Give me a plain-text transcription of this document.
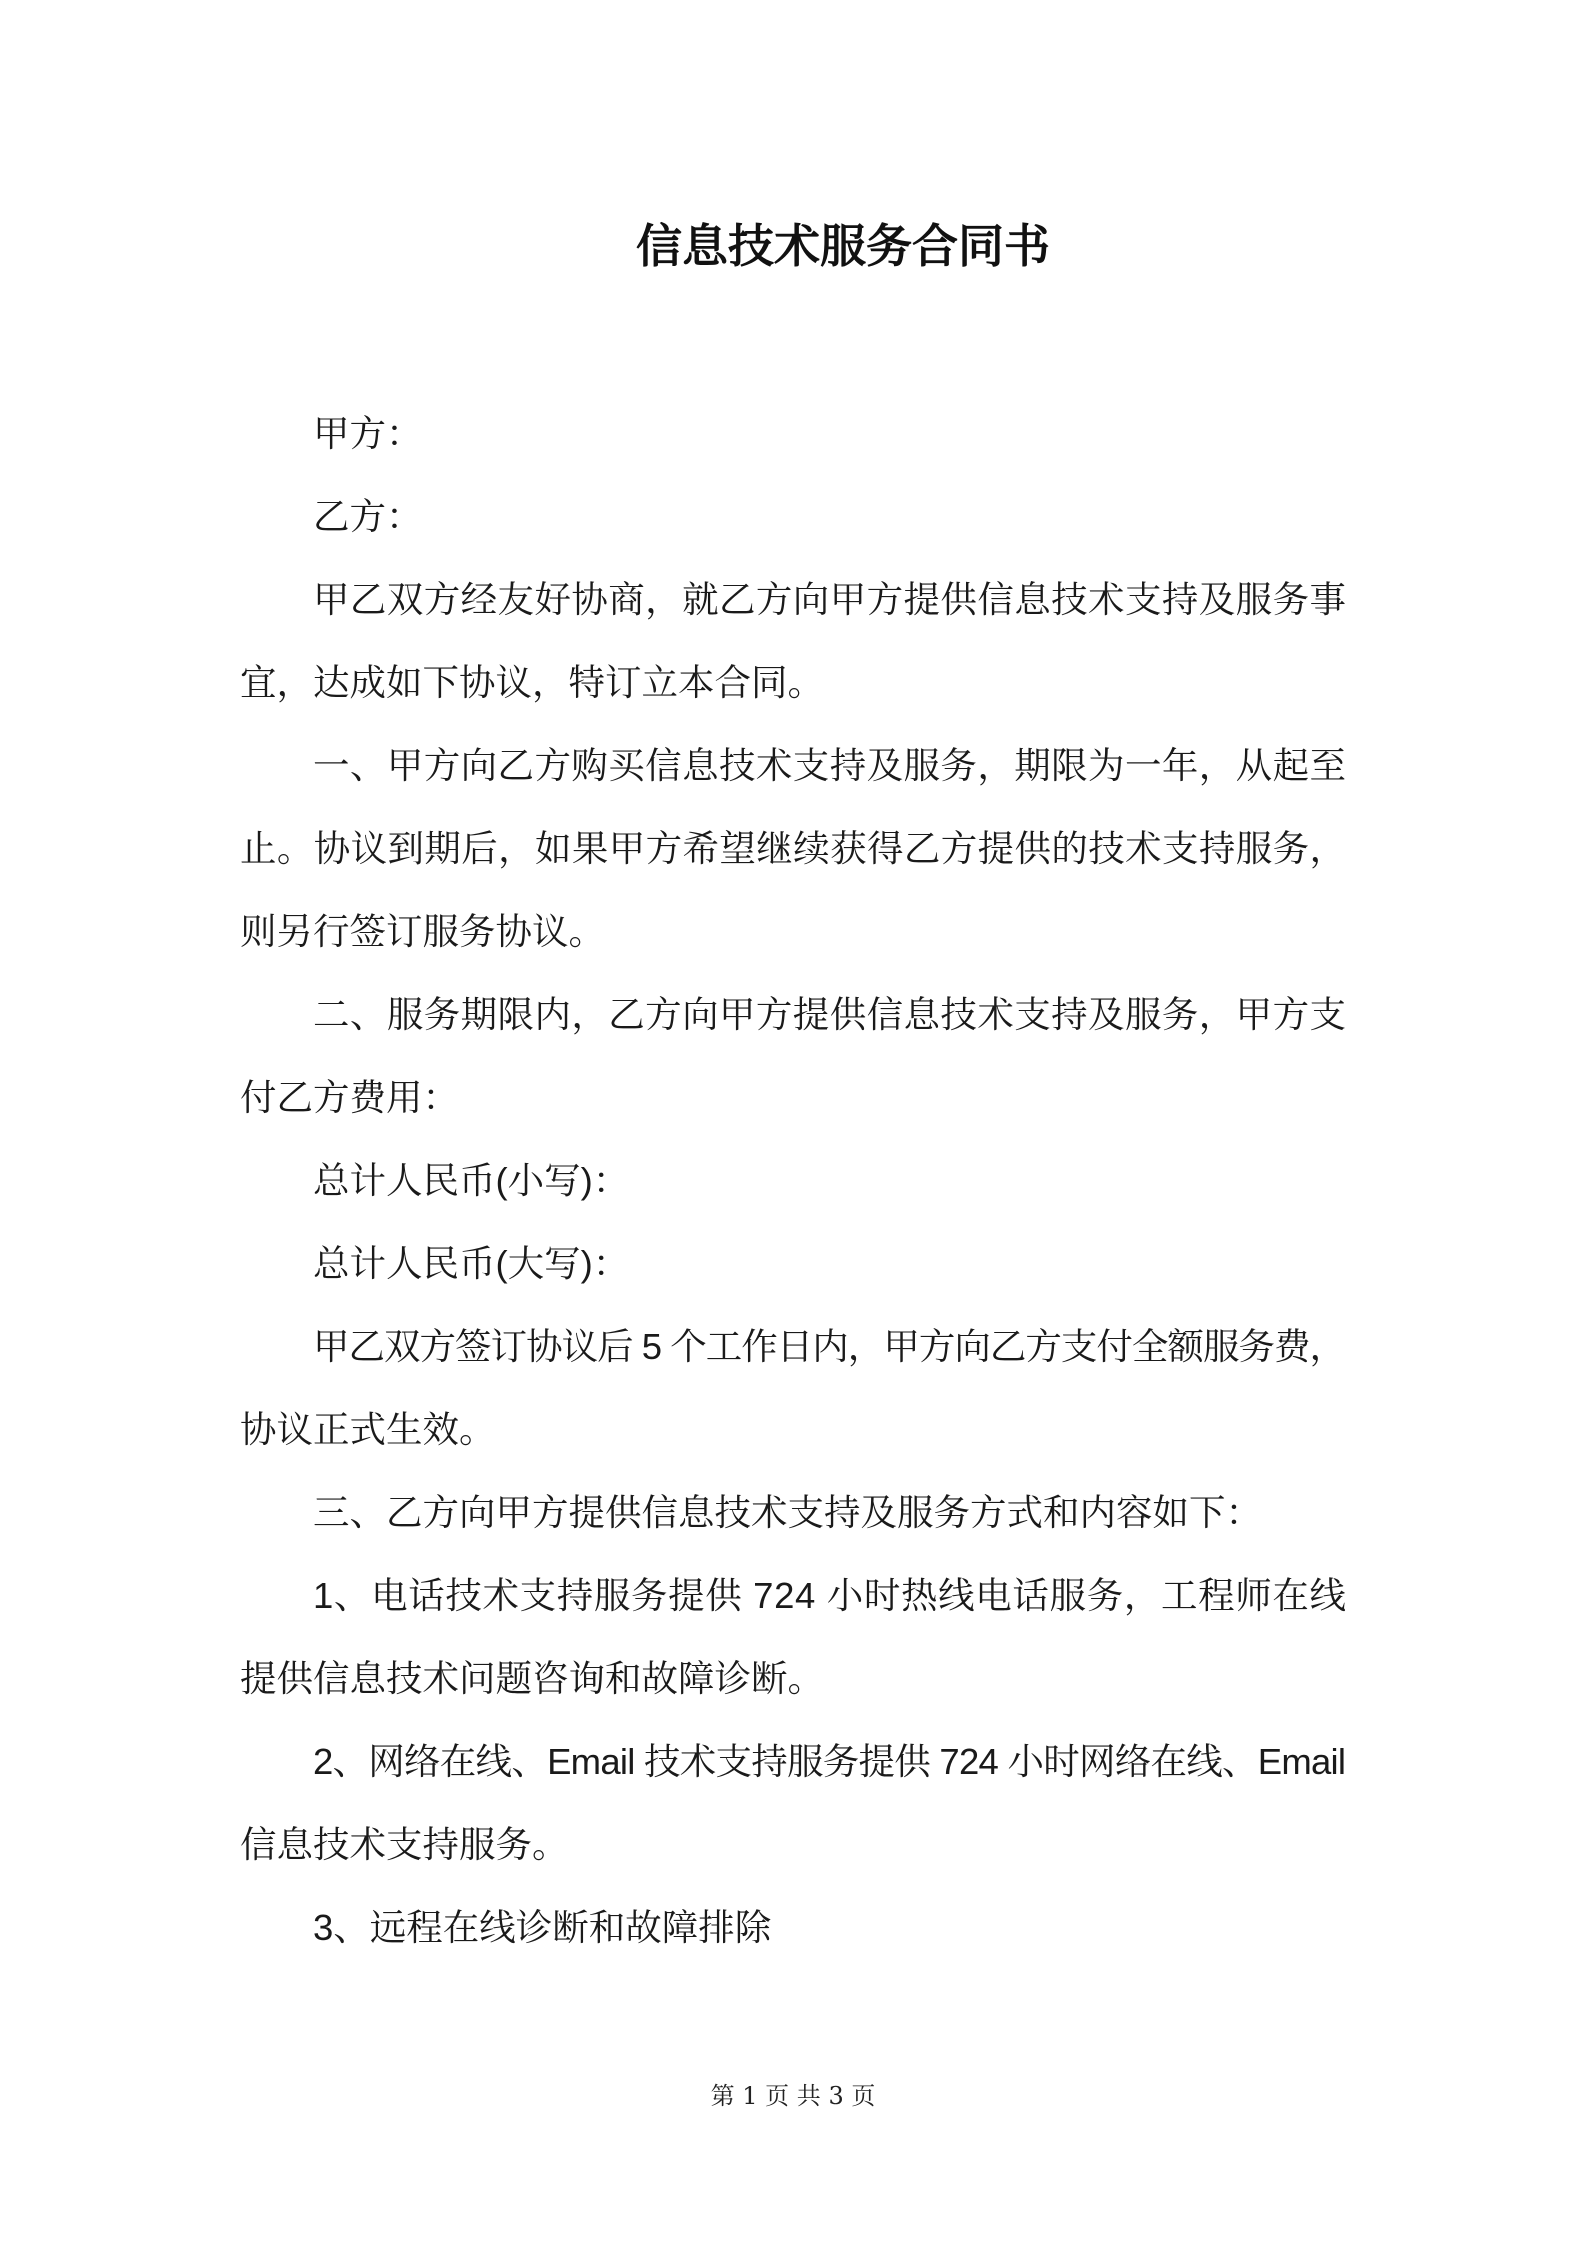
信息技术服务合同书
甲方：
乙方：
甲乙双方经友好协商，就乙方向甲方提供信息技术支持及服务事
宜，达成如下协议，特订立本合同。
一、甲方向乙方购买信息技术支持及服务，期限为一年，从起至
止。协议到期后，如果甲方希望继续获得乙方提供的技术支持服务，
则另行签订服务协议。
二、服务期限内，乙方向甲方提供信息技术支持及服务，甲方支
付乙方费用：
总计人民币(小写)：
总计人民币(大写)：
甲乙双方签订协议后 5 个工作日内，甲方向乙方支付全额服务费，
协议正式生效。
三、乙方向甲方提供信息技术支持及服务方式和内容如下：
1、电话技术支持服务提供 724 小时热线电话服务，工程师在线
提供信息技术问题咨询和故障诊断。
2、网络在线、Email 技术支持服务提供 724 小时网络在线、Email
信息技术支持服务。
3、远程在线诊断和故障排除
第 1 页 共 3 页
